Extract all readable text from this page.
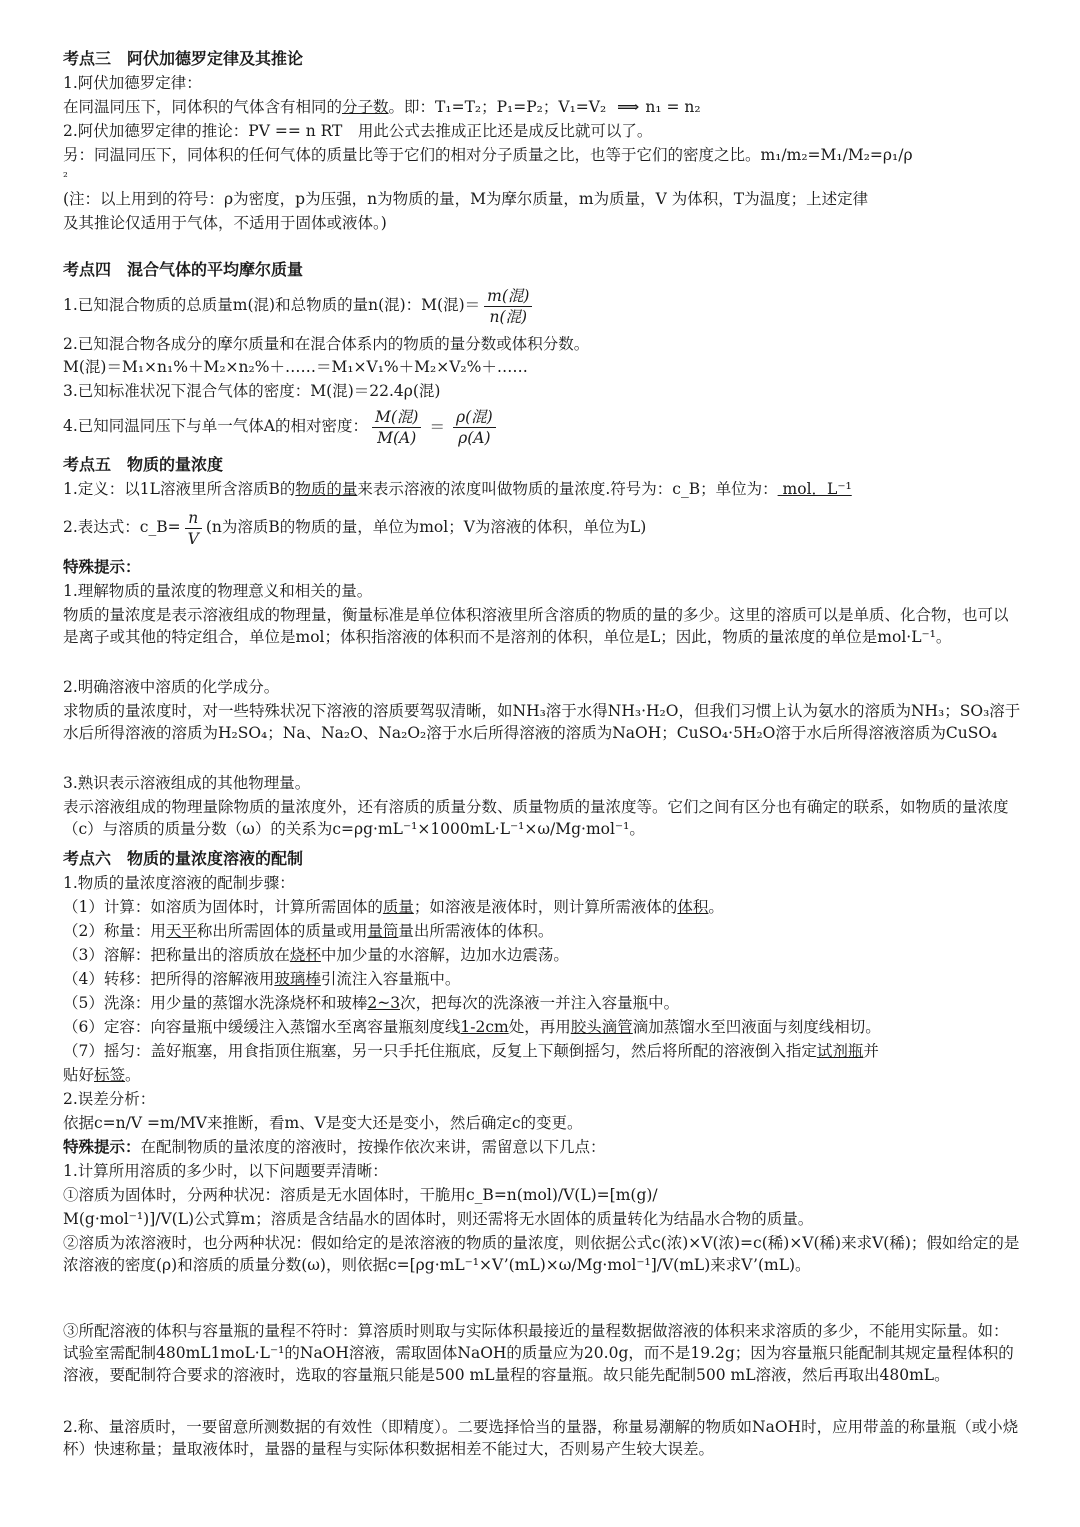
考点三　阿伏加德罗定律及其推论
1.阿伏加德罗定律：
在同温同压下，同体积的气体含有相同的分子数。即：T₁=T₂；P₁=P₂；V₁=V₂ ⟹ n₁ = n₂
2.阿伏加德罗定律的推论：PV == n RT　用此公式去推成正比还是成反比就可以了。
另：同温同压下，同体积的任何气体的质量比等于它们的相对分子质量之比，也等于它们的密度之比。m₁/m₂=M₁/M₂=ρ₁/ρ
₂
(注：以上用到的符号：ρ为密度，p为压强，n为物质的量，M为摩尔质量，m为质量，V 为体积，T为温度；上述定律
及其推论仅适用于气体，不适用于固体或液体。)
考点四　混合气体的平均摩尔质量
1.已知混合物质的总质量m(混)和总物质的量n(混)：M(混)＝ $\frac{\text{m(混)}}{\text{n(混)}}$
2.已知混合物各成分的摩尔质量和在混合体系内的物质的量分数或体积分数。
M(混)＝M₁×n₁%＋M₂×n₂%＋……＝M₁×V₁%＋M₂×V₂%＋……
3.已知标准状况下混合气体的密度：M(混)＝22.4ρ(混)
4.已知同温同压下与单一气体A的相对密度： $\frac{\text{M(混)}}{M(A)} = \frac{\text{ρ(混)}}{\rho(A)}$
考点五　物质的量浓度
1.定义：以1L溶液里所含溶质B的物质的量来表示溶液的浓度叫做物质的量浓度.符号为：c_B；单位为： mol．L⁻¹
2.表达式：c_B= $\frac{n}{V} (n$为溶质B的物质的量，单位为mol；V为溶液的体积，单位为L)
特殊提示：
1.理解物质的量浓度的物理意义和相关的量。
物质的量浓度是表示溶液组成的物理量，衡量标准是单位体积溶液里所含溶质的物质的量的多少。这里的溶质可以是单质、化合物，也可以是离子或其他的特定组合，单位是mol；体积指溶液的体积而不是溶剂的体积，单位是L；因此，物质的量浓度的单位是mol·L⁻¹。
2.明确溶液中溶质的化学成分。
求物质的量浓度时，对一些特殊状况下溶液的溶质要驾驭清晰，如NH₃溶于水得NH₃·H₂O，但我们习惯上认为氨水的溶质为NH₃；SO₃溶于水后所得溶液的溶质为H₂SO₄；Na、Na₂O、Na₂O₂溶于水后所得溶液的溶质为NaOH；CuSO₄·5H₂O溶于水后所得溶液溶质为CuSO₄
3.熟识表示溶液组成的其他物理量。
表示溶液组成的物理量除物质的量浓度外，还有溶质的质量分数、质量物质的量浓度等。它们之间有区分也有确定的联系，如物质的量浓度（c）与溶质的质量分数（ω）的关系为c=ρg·mL⁻¹×1000mL·L⁻¹×ω/Mg·mol⁻¹。
考点六　物质的量浓度溶液的配制
1.物质的量浓度溶液的配制步骤：
（1）计算：如溶质为固体时，计算所需固体的质量；如溶液是液体时，则计算所需液体的体积。
（2）称量：用天平称出所需固体的质量或用量筒量出所需液体的体积。
（3）溶解：把称量出的溶质放在烧杯中加少量的水溶解，边加水边震荡。
（4）转移：把所得的溶解液用玻璃棒引流注入容量瓶中。
（5）洗涤：用少量的蒸馏水洗涤烧杯和玻棒2~3次，把每次的洗涤液一并注入容量瓶中。
（6）定容：向容量瓶中缓缓注入蒸馏水至离容量瓶刻度线1-2cm处，再用胶头滴管滴加蒸馏水至凹液面与刻度线相切。
（7）摇匀：盖好瓶塞，用食指顶住瓶塞，另一只手托住瓶底，反复上下颠倒摇匀，然后将所配的溶液倒入指定试剂瓶并
贴好标签。
2.误差分析：
依据c=n/V =m/MV来推断，看m、V是变大还是变小，然后确定c的变更。
特殊提示：在配制物质的量浓度的溶液时，按操作依次来讲，需留意以下几点：
1.计算所用溶质的多少时，以下问题要弄清晰：
①溶质为固体时，分两种状况：溶质是无水固体时，干脆用c_B=n(mol)/V(L)=[m(g)/
M(g·mol⁻¹)]/V(L)公式算m；溶质是含结晶水的固体时，则还需将无水固体的质量转化为结晶水合物的质量。
②溶质为浓溶液时，也分两种状况：假如给定的是浓溶液的物质的量浓度，则依据公式c(浓)×V(浓)=c(稀)×V(稀)来求V(稀)；假如给定的是浓溶液的密度(ρ)和溶质的质量分数(ω)，则依据c=[ρg·mL⁻¹×V’(mL)×ω/Mg·mol⁻¹]/V(mL)来求V’(mL)。
③所配溶液的体积与容量瓶的量程不符时：算溶质时则取与实际体积最接近的量程数据做溶液的体积来求溶质的多少，不能用实际量。如：试验室需配制480mL1moL·L⁻¹的NaOH溶液，需取固体NaOH的质量应为20.0g，而不是19.2g；因为容量瓶只能配制其规定量程体积的溶液，要配制符合要求的溶液时，选取的容量瓶只能是500 mL量程的容量瓶。故只能先配制500 mL溶液，然后再取出480mL。
2.称、量溶质时，一要留意所测数据的有效性（即精度）。二要选择恰当的量器，称量易潮解的物质如NaOH时，应用带盖的称量瓶（或小烧杯）快速称量；量取液体时，量器的量程与实际体积数据相差不能过大，否则易产生较大误差。
